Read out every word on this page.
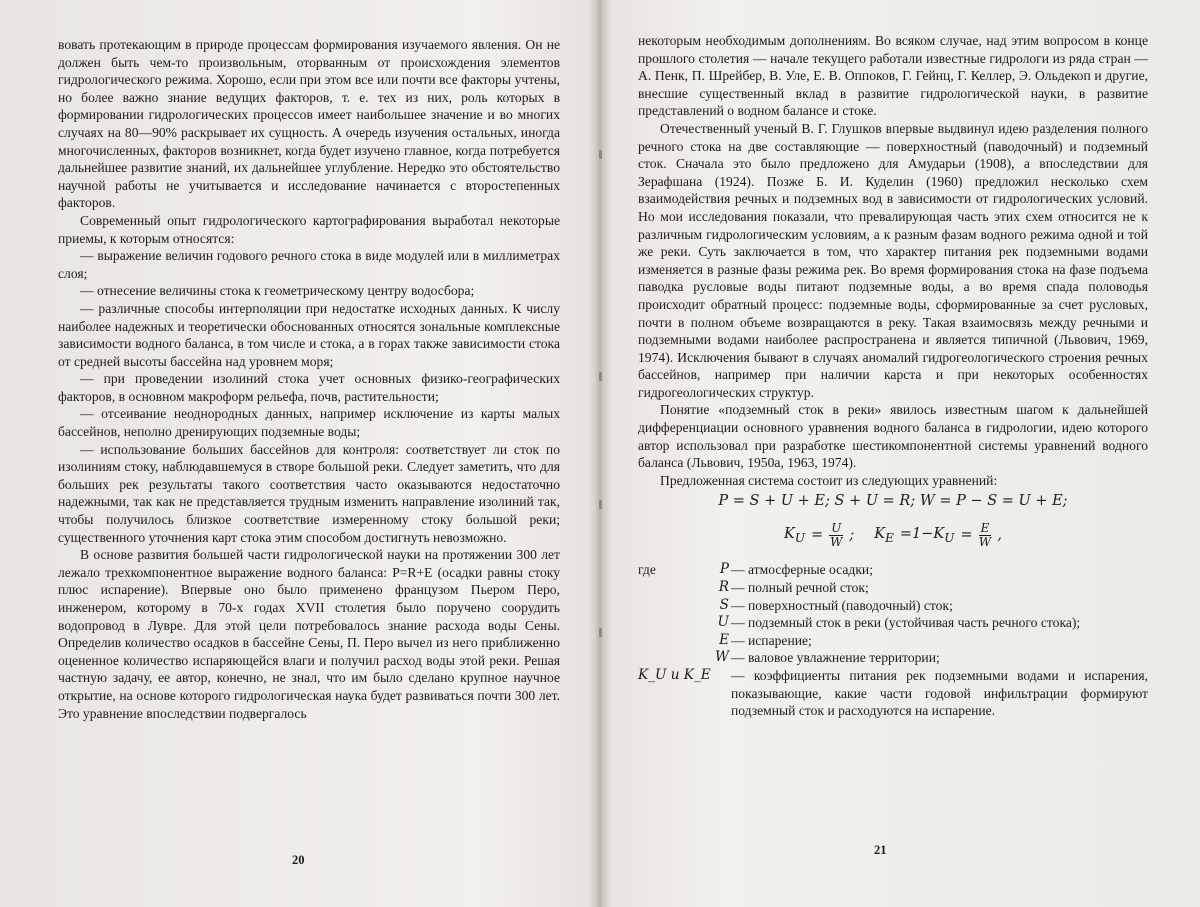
вовать протекающим в природе процессам формирования изучаемого явления. Он не должен быть чем-то произвольным, оторванным от происхождения элементов гидрологического режима. Хорошо, если при этом все или почти все факторы учтены, но более важно знание ведущих факторов, т. е. тех из них, роль которых в формировании гидрологических процессов имеет наибольшее значение и во многих случаях на 80—90% раскрывает их сущность. А очередь изучения остальных, иногда многочисленных, факторов возникнет, когда будет изучено главное, когда потребуется дальнейшее развитие знаний, их дальнейшее углубление. Нередко это обстоятельство научной работы не учитывается и исследование начинается с второстепенных факторов.

Современный опыт гидрологического картографирования выработал некоторые приемы, к которым относятся:

— выражение величин годового речного стока в виде модулей или в миллиметрах слоя;

— отнесение величины стока к геометрическому центру водосбора;

— различные способы интерполяции при недостатке исходных данных. К числу наиболее надежных и теоретически обоснованных относятся зональные комплексные зависимости водного баланса, в том числе и стока, а в горах также зависимости стока от средней высоты бассейна над уровнем моря;

— при проведении изолиний стока учет основных физико-географических факторов, в основном макроформ рельефа, почв, растительности;

— отсеивание неоднородных данных, например исключение из карты малых бассейнов, неполно дренирующих подземные воды;

— использование больших бассейнов для контроля: соответствует ли сток по изолиниям стоку, наблюдавшемуся в створе большой реки. Следует заметить, что для больших рек результаты такого соответствия часто оказываются недостаточно надежными, так как не представляется трудным изменить направление изолиний так, чтобы получилось близкое соответствие измеренному стоку большой реки; существенного уточнения карт стока этим способом достигнуть невозможно.

В основе развития большей части гидрологической науки на протяжении 300 лет лежало трехкомпонентное выражение водного баланса: P=R+E (осадки равны стоку плюс испарение). Впервые оно было применено французом Пьером Перо, инженером, которому в 70-х годах XVII столетия было поручено соорудить водопровод в Лувре. Для этой цели потребовалось знание расхода воды Сены. Определив количество осадков в бассейне Сены, П. Перо вычел из него приближенно оцененное количество испаряющейся влаги и получил расход воды этой реки. Решая частную задачу, ее автор, конечно, не знал, что им было сделано крупное научное открытие, на основе которого гидрологическая наука будет развиваться почти 300 лет. Это уравнение впоследствии подвергалось

20

некоторым необходимым дополнениям. Во всяком случае, над этим вопросом в конце прошлого столетия — начале текущего работали известные гидрологи из ряда стран — А. Пенк, П. Шрейбер, В. Уле, Е. В. Оппоков, Г. Гейнц, Г. Келлер, Э. Ольдекоп и другие, внесшие существенный вклад в развитие гидрологической науки, в развитие представлений о водном балансе и стоке.

Отечественный ученый В. Г. Глушков впервые выдвинул идею разделения полного речного стока на две составляющие — поверхностный (паводочный) и подземный сток. Сначала это было предложено для Амударьи (1908), а впоследствии для Зерафшана (1924). Позже Б. И. Куделин (1960) предложил несколько схем взаимодействия речных и подземных вод в зависимости от гидрологических условий. Но мои исследования показали, что превалирующая часть этих схем относится не к различным гидрологическим условиям, а к разным фазам водного режима одной и той же реки. Суть заключается в том, что характер питания рек подземными водами изменяется в разные фазы режима рек. Во время формирования стока на фазе подъема паводка русловые воды питают подземные воды, а во время спада половодья происходит обратный процесс: подземные воды, сформированные за счет русловых, почти в полном объеме возвращаются в реку. Такая взаимосвязь между речными и подземными водами наиболее распространена и является типичной (Львович, 1969, 1974). Исключения бывают в случаях аномалий гидрогеологического строения речных бассейнов, например при наличии карста и при некоторых особенностях гидрогеологических структур.

Понятие «подземный сток в реки» явилось известным шагом к дальнейшей дифференциации основного уравнения водного баланса в гидрологии, идею которого автор использовал при разработке шестикомпонентной системы уравнений водного баланса (Львович, 1950а, 1963, 1974).

Предложенная система состоит из следующих уравнений:

P = S + U + E; S + U = R; W = P − S = U + E;
$K_U = \frac{U}{W}$ ; $K_E =1-K_U = \frac{E}{W}$ ,
где	P — атмосферные осадки;
R — полный речной сток;
S — поверхностный (паводочный) сток;
U — подземный сток в реки (устойчивая часть речного стока);
E — испарение;
W — валовое увлажнение территории;
K_U и K_E	— коэффициенты питания рек подземными водами и испарения, показывающие, какие части годовой инфильтрации формируют подземный сток и расходуются на испарение.
21
